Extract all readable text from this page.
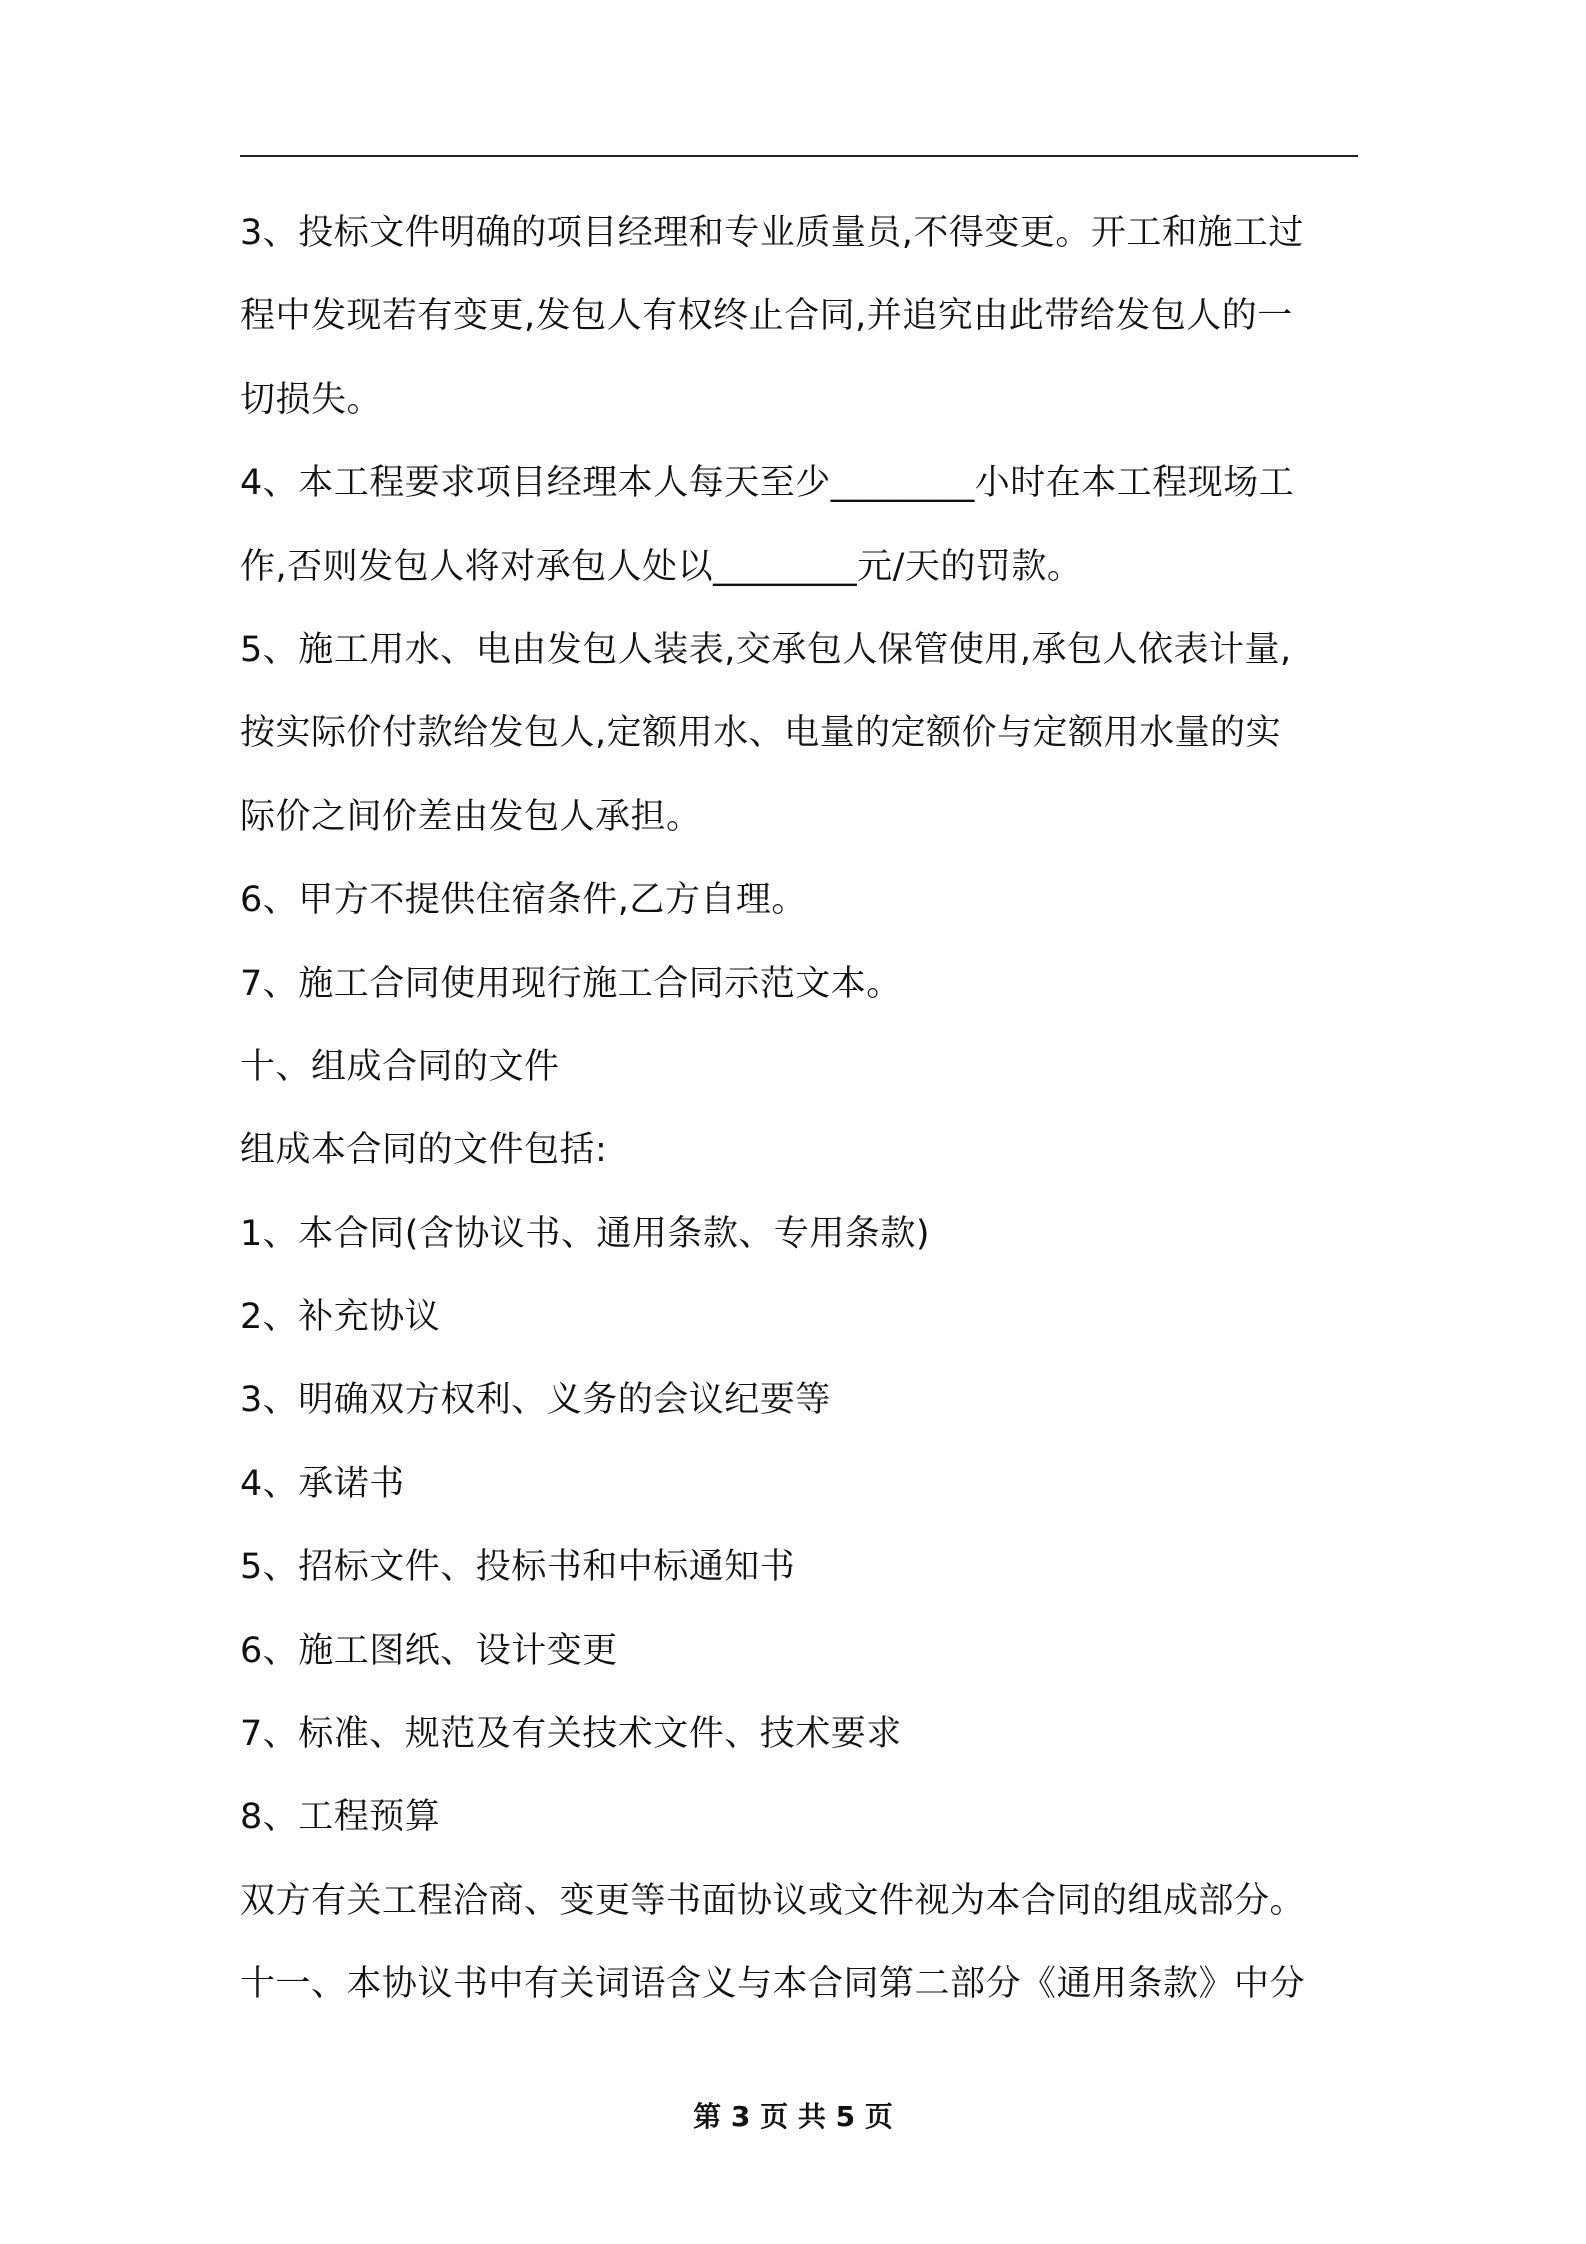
3、投标文件明确的项目经理和专业质量员,不得变更。开工和施工过
程中发现若有变更,发包人有权终止合同,并追究由此带给发包人的一
切损失。
4、本工程要求项目经理本人每天至少________小时在本工程现场工
作,否则发包人将对承包人处以________元/天的罚款。
5、施工用水、电由发包人装表,交承包人保管使用,承包人依表计量,
按实际价付款给发包人,定额用水、电量的定额价与定额用水量的实
际价之间价差由发包人承担。
6、甲方不提供住宿条件,乙方自理。
7、施工合同使用现行施工合同示范文本。
十、组成合同的文件
组成本合同的文件包括:
1、本合同(含协议书、通用条款、专用条款)
2、补充协议
3、明确双方权利、义务的会议纪要等
4、承诺书
5、招标文件、投标书和中标通知书
6、施工图纸、设计变更
7、标准、规范及有关技术文件、技术要求
8、工程预算
双方有关工程洽商、变更等书面协议或文件视为本合同的组成部分。
十一、本协议书中有关词语含义与本合同第二部分《通用条款》中分
第 3 页 共 5 页
